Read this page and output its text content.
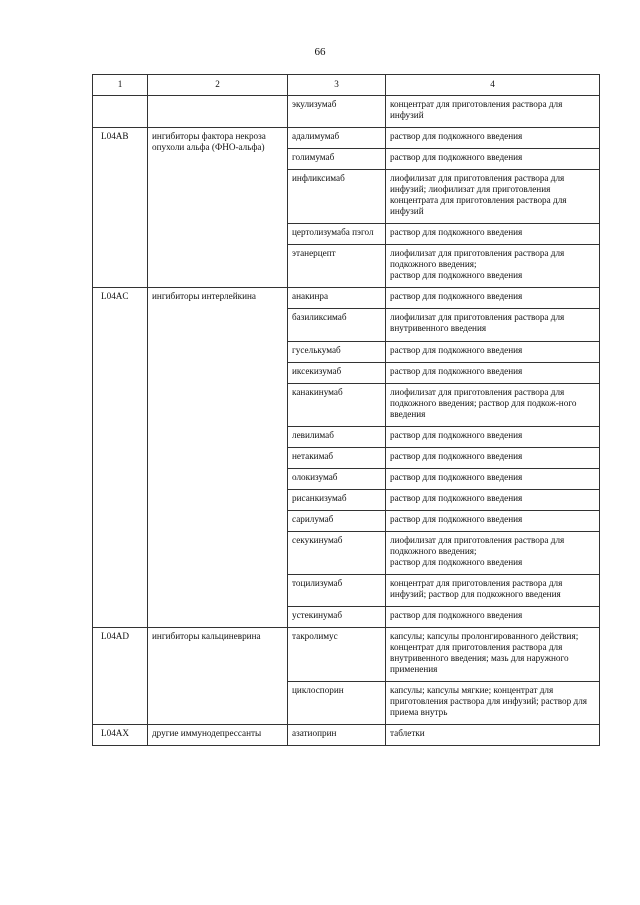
66
1	2	3	4
		экулизумаб	концентрат для приготовления раствора для инфузий
L04AB	ингибиторы фактора некроза опухоли альфа (ФНО-альфа)	адалимумаб	раствор для подкожного введения
		голимумаб	раствор для подкожного введения
		инфликсимаб	лиофилизат для приготовления раствора для инфузий; лиофилизат для приготовления концентрата для приготовления раствора для инфузий
		цертолизумаба пэгол	раствор для подкожного введения
		этанерцепт	лиофилизат для приготовления раствора для подкожного введения;
раствор для подкожного введения
L04AC	ингибиторы интерлейкина	анакинра	раствор для подкожного введения
		базиликсимаб	лиофилизат для приготовления раствора для внутривенного введения
		гуселькумаб	раствор для подкожного введения
		иксекизумаб	раствор для подкожного введения
		канакинумаб	лиофилизат для приготовления раствора для подкожного введения; раствор для подкож-ного введения
		левилимаб	раствор для подкожного введения
		нетакимаб	раствор для подкожного введения
		олокизумаб	раствор для подкожного введения
		рисанкизумаб	раствор для подкожного введения
		сарилумаб	раствор для подкожного введения
		секукинумаб	лиофилизат для приготовления раствора для подкожного введения;
раствор для подкожного введения
		тоцилизумаб	концентрат для приготовления раствора для инфузий; раствор для подкожного введения
		устекинумаб	раствор для подкожного введения
L04AD	ингибиторы кальциневрина	такролимус	капсулы; капсулы пролонгированного действия; концентрат для приготовления раствора для внутривенного введения; мазь для наружного применения
		циклоспорин	капсулы; капсулы мягкие; концентрат для приготовления раствора для инфузий; раствор для приема внутрь
L04AX	другие иммунодепрессанты	азатиоприн	таблетки
